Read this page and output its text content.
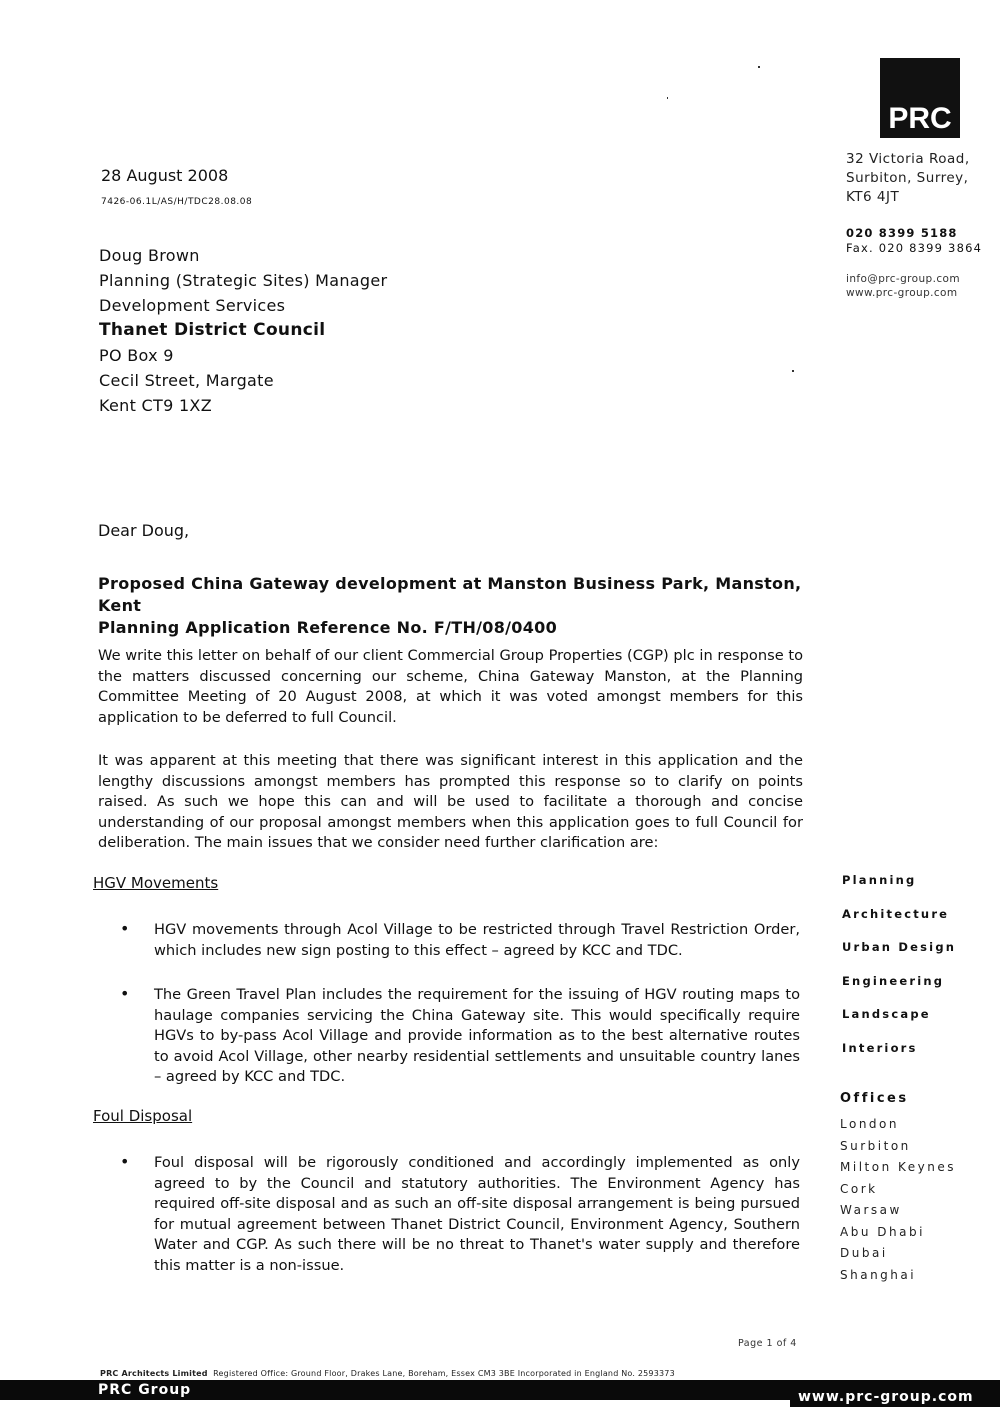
PRC
32 Victoria Road,
Surbiton, Surrey,
KT6 4JT
020 8399 5188
Fax. 020 8399 3864
info@prc-group.com
www.prc-group.com
28 August 2008
7426-06.1L/AS/H/TDC28.08.08
Doug Brown
Planning (Strategic Sites) Manager
Development Services
Thanet District Council
PO Box 9
Cecil Street, Margate
Kent CT9 1XZ
Dear Doug,
Proposed China Gateway development at Manston Business Park, Manston, Kent
Planning Application Reference No. F/TH/08/0400
We write this letter on behalf of our client Commercial Group Properties (CGP) plc in response to the matters discussed concerning our scheme, China Gateway Manston, at the Planning Committee Meeting of 20 August 2008, at which it was voted amongst members for this application to be deferred to full Council.
It was apparent at this meeting that there was significant interest in this application and the lengthy discussions amongst members has prompted this response so to clarify on points raised. As such we hope this can and will be used to facilitate a thorough and concise understanding of our proposal amongst members when this application goes to full Council for deliberation. The main issues that we consider need further clarification are:
HGV Movements
• HGV movements through Acol Village to be restricted through Travel Restriction Order, which includes new sign posting to this effect – agreed by KCC and TDC.
• The Green Travel Plan includes the requirement for the issuing of HGV routing maps to haulage companies servicing the China Gateway site. This would specifically require HGVs to by-pass Acol Village and provide information as to the best alternative routes to avoid Acol Village, other nearby residential settlements and unsuitable country lanes – agreed by KCC and TDC.
Foul Disposal
• Foul disposal will be rigorously conditioned and accordingly implemented as only agreed to by the Council and statutory authorities. The Environment Agency has required off-site disposal and as such an off-site disposal arrangement is being pursued for mutual agreement between Thanet District Council, Environment Agency, Southern Water and CGP. As such there will be no threat to Thanet's water supply and therefore this matter is a non-issue.
Planning
Architecture
Urban Design
Engineering
Landscape
Interiors
Offices
London
Surbiton
Milton Keynes
Cork
Warsaw
Abu Dhabi
Dubai
Shanghai
Page 1 of 4
PRC Architects Limited Registered Office: Ground Floor, Drakes Lane, Boreham, Essex CM3 3BE Incorporated in England No. 2593373
PRC Group	www.prc-group.com
